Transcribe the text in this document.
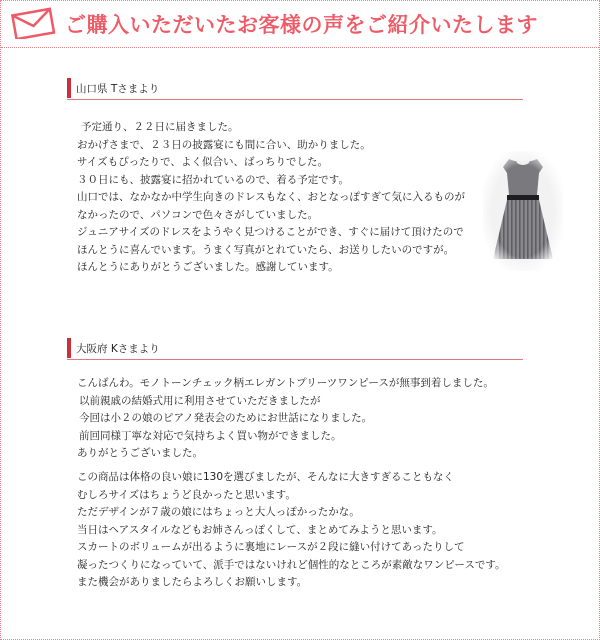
ご購入いただいたお客様の声をご紹介いたします
山口県 Tさまより

予定通り、２２日に届きました。

おかげさまで、２３日の披露宴にも間に合い、助かりました。

サイズもぴったりで、よく似合い、ばっちりでした。

３０日にも、披露宴に招かれているので、着る予定です。

山口では、なかなか中学生向きのドレスもなく、おとなっぽすぎて気に入るものが

なかったので、パソコンで色々さがしていました。

ジュニアサイズのドレスをようやく見つけることができ、すぐに届けて頂けたので

ほんとうに喜んでいます。うまく写真がとれていたら、お送りしたいのですが。

ほんとうにありがとうございました。感謝しています。

大阪府 Kさまより

こんばんわ。モノトーンチェック柄エレガントプリーツワンピースが無事到着しました。

以前親戚の結婚式用に利用させていただきましたが

今回は小２の娘のピアノ発表会のためにお世話になりました。

前回同様丁寧な対応で気持ちよく買い物ができました。

ありがとうございました。

この商品は体格の良い娘に130を選びましたが、そんなに大きすぎることもなく

むしろサイズはちょうど良かったと思います。

ただデザインが７歳の娘にはちょっと大人っぽかったかな。

当日はヘアスタイルなどもお姉さんっぽくして、まとめてみようと思います。

スカートのボリュームが出るように裏地にレースが２段に縫い付けてあったりして

凝ったつくりになっていて、派手ではないけれど個性的なところが素敵なワンピースです。

また機会がありましたらよろしくお願いします。
